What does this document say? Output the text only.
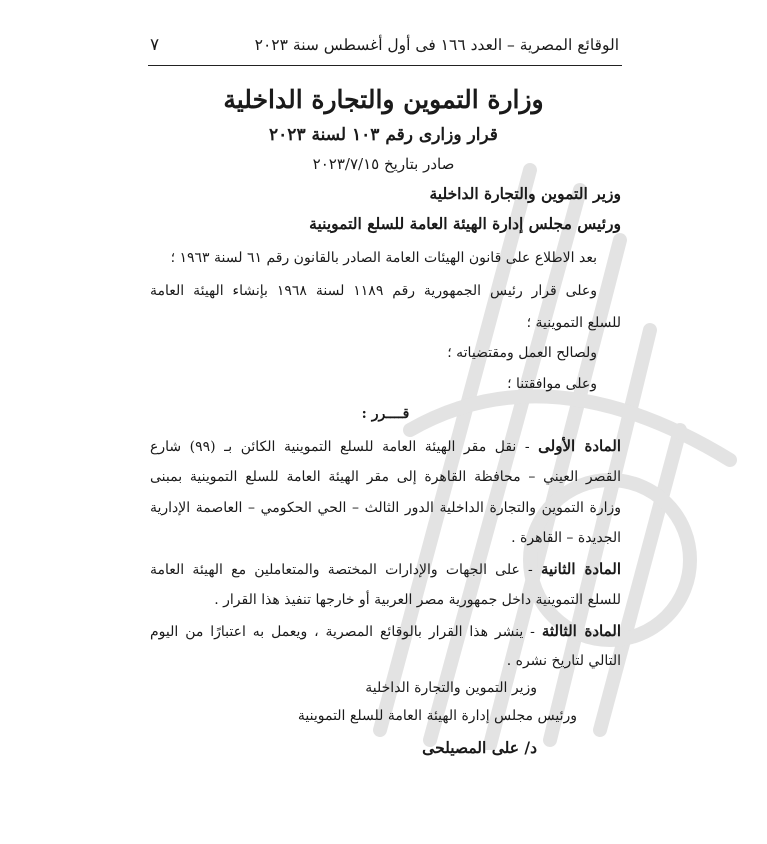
الوقائع المصرية – العدد ١٦٦ فى أول أغسطس سنة ٢٠٢٣
٧
وزارة التموين والتجارة الداخلية
قرار وزارى رقم ١٠٣ لسنة ٢٠٢٣
صادر بتاريخ ٢٠٢٣/٧/١٥
وزير التموين والتجارة الداخلية
ورئيس مجلس إدارة الهيئة العامة للسلع التموينية
بعد الاطلاع على قانون الهيئات العامة الصادر بالقانون رقم ٦١ لسنة ١٩٦٣ ؛
وعلى قرار رئيس الجمهورية رقم ١١٨٩ لسنة ١٩٦٨ بإنشاء الهيئة العامة
للسلع التموينية ؛
ولصالح العمل ومقتضياته ؛
وعلى موافقتنا ؛
قــــرر :
المادة الأولى - نقل مقر الهيئة العامة للسلع التموينية الكائن بـ (٩٩) شارع
القصر العيني – محافظة القاهرة إلى مقر الهيئة العامة للسلع التموينية بمبنى
وزارة التموين والتجارة الداخلية الدور الثالث – الحي الحكومي – العاصمة الإدارية
الجديدة – القاهرة .
المادة الثانية - على الجهات والإدارات المختصة والمتعاملين مع الهيئة العامة
للسلع التموينية داخل جمهورية مصر العربية أو خارجها تنفيذ هذا القرار .
المادة الثالثة - ينشر هذا القرار بالوقائع المصرية ، ويعمل به اعتبارًا من اليوم
التالي لتاريخ نشره .
وزير التموين والتجارة الداخلية
ورئيس مجلس إدارة الهيئة العامة للسلع التموينية
د/ على المصيلحى
